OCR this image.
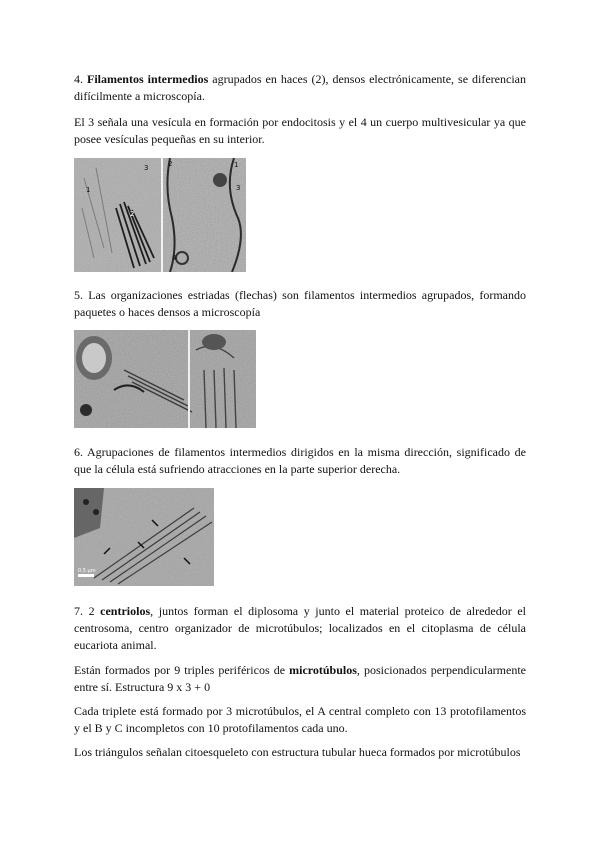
4. Filamentos intermedios agrupados en haces (2), densos electrónicamente, se diferencian difícilmente a microscopía.

El 3 señala una vesícula en formación por endocitosis y el 4 un cuerpo multivesicular ya que posee vesículas pequeñas en su interior.

1
2
3	2	1
3
4

5. Las organizaciones estriadas (flechas) son filamentos intermedios agrupados, formando paquetes o haces densos a microscopía

6. Agrupaciones de filamentos intermedios dirigidos en la misma dirección, significado de que la célula está sufriendo atracciones en la parte superior derecha.

0.5 µm

7. 2 centriolos, juntos forman el diplosoma y junto el material proteico de alrededor el centrosoma, centro organizador de microtúbulos; localizados en el citoplasma de célula eucariota animal.

Están formados por 9 triples periféricos de microtúbulos, posicionados perpendicularmente entre sí. Estructura 9 x 3 + 0

Cada triplete está formado por 3 microtúbulos, el A central completo con 13 protofilamentos y el B y C incompletos con 10 protofilamentos cada uno.

Los triángulos señalan citoesqueleto con estructura tubular hueca formados por microtúbulos
